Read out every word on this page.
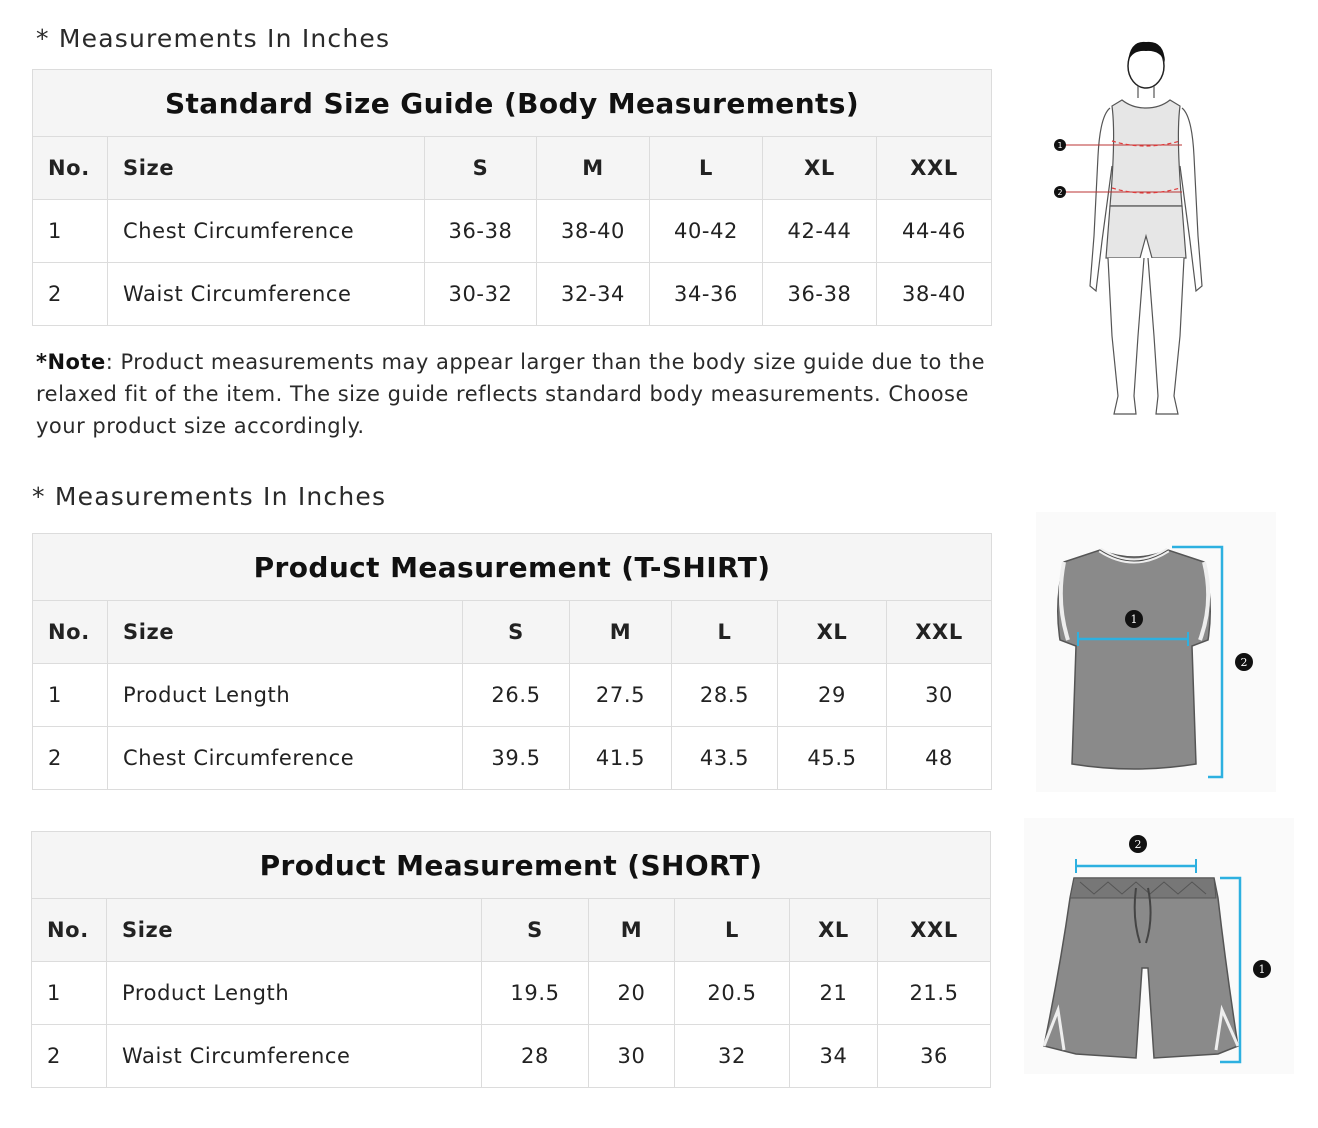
* Measurements In Inches
Standard Size Guide (Body Measurements)						
No.	Size	S	M	L	XL	XXL
1	Chest Circumference	36-38	38-40	40-42	42-44	44-46
2	Waist Circumference	30-32	32-34	34-36	36-38	38-40
*Note: Product measurements may appear larger than the body size guide due to the relaxed fit of the item. The size guide reflects standard body measurements. Choose your product size accordingly.
1
2
* Measurements In Inches
Product Measurement (T-SHIRT)						
No.	Size	S	M	L	XL	XXL
1	Product Length	26.5	27.5	28.5	29	30
2	Chest Circumference	39.5	41.5	43.5	45.5	48
1
2
Product Measurement (SHORT)						
No.	Size	S	M	L	XL	XXL
1	Product Length	19.5	20	20.5	21	21.5
2	Waist Circumference	28	30	32	34	36
2
1
